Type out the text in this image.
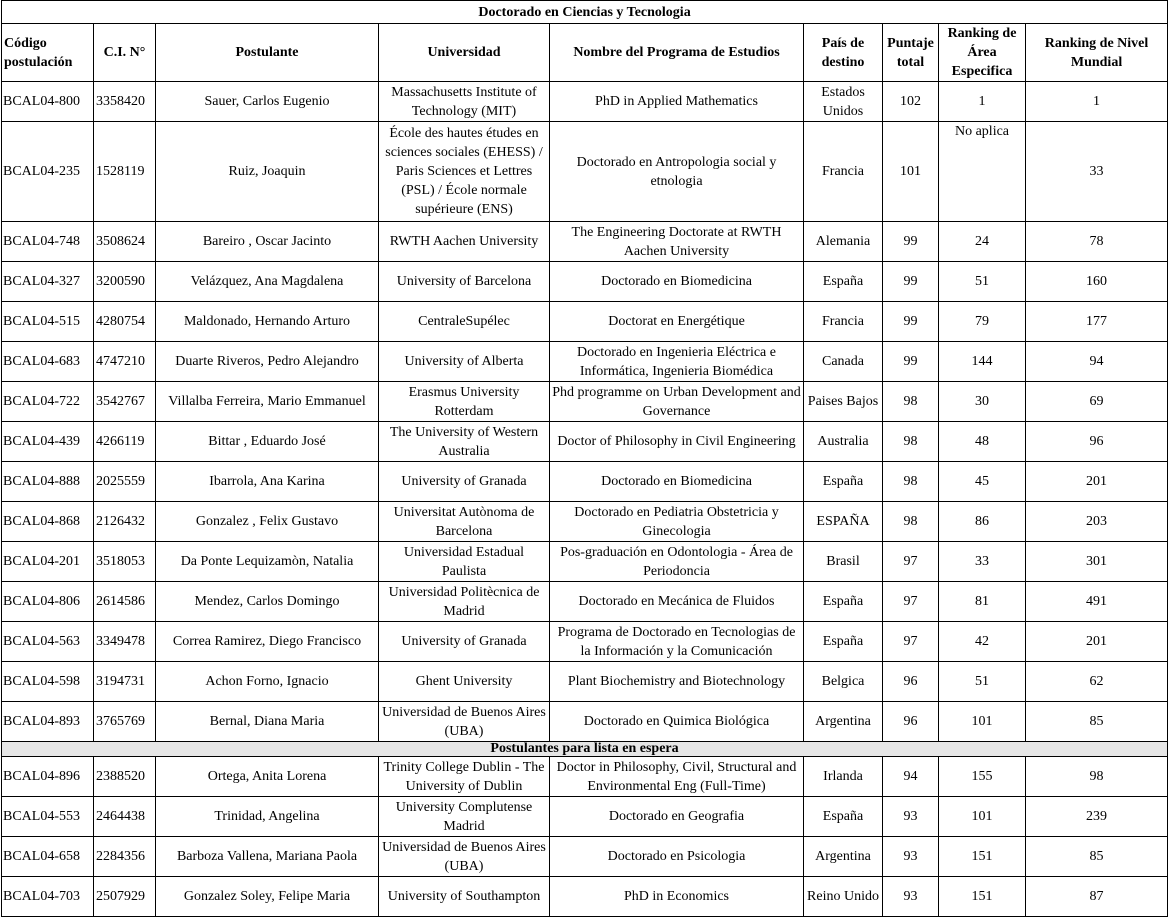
Doctorado en Ciencias y Tecnologia								
Código postulación	C.I. N°	Postulante	Universidad	Nombre del Programa de Estudios	País de destino	Puntaje total	Ranking de Área Especifica	Ranking de Nivel Mundial
BCAL04-800	3358420	Sauer, Carlos Eugenio	Massachusetts Institute of Technology (MIT)	PhD in Applied Mathematics	Estados Unidos	102	1	1
BCAL04-235	1528119	Ruiz, Joaquin	École des hautes études en sciences sociales (EHESS) / Paris Sciences et Lettres (PSL) / École normale supérieure (ENS)	Doctorado en Antropologia social y etnologia	Francia	101	No aplica	33
BCAL04-748	3508624	Bareiro , Oscar Jacinto	RWTH Aachen University	The Engineering Doctorate at RWTH Aachen University	Alemania	99	24	78
BCAL04-327	3200590	Velázquez, Ana Magdalena	University of Barcelona	Doctorado en Biomedicina	España	99	51	160
BCAL04-515	4280754	Maldonado, Hernando Arturo	CentraleSupélec	Doctorat en Energétique	Francia	99	79	177
BCAL04-683	4747210	Duarte Riveros, Pedro Alejandro	University of Alberta	Doctorado en Ingenieria Eléctrica e Informática, Ingenieria Biomédica	Canada	99	144	94
BCAL04-722	3542767	Villalba Ferreira, Mario Emmanuel	Erasmus University Rotterdam	Phd programme on Urban Development and Governance	Paises Bajos	98	30	69
BCAL04-439	4266119	Bittar , Eduardo José	The University of Western Australia	Doctor of Philosophy in Civil Engineering	Australia	98	48	96
BCAL04-888	2025559	Ibarrola, Ana Karina	University of Granada	Doctorado en Biomedicina	España	98	45	201
BCAL04-868	2126432	Gonzalez , Felix Gustavo	Universitat Autònoma de Barcelona	Doctorado en Pediatria Obstetricia y Ginecologia	ESPAÑA	98	86	203
BCAL04-201	3518053	Da Ponte Lequizamòn, Natalia	Universidad Estadual Paulista	Pos-graduación en Odontologia - Área de Periodoncia	Brasil	97	33	301
BCAL04-806	2614586	Mendez, Carlos Domingo	Universidad Politècnica de Madrid	Doctorado en Mecánica de Fluidos	España	97	81	491
BCAL04-563	3349478	Correa Ramirez, Diego Francisco	University of Granada	Programa de Doctorado en Tecnologias de la Información y la Comunicación	España	97	42	201
BCAL04-598	3194731	Achon Forno, Ignacio	Ghent University	Plant Biochemistry and Biotechnology	Belgica	96	51	62
BCAL04-893	3765769	Bernal, Diana Maria	Universidad de Buenos Aires (UBA)	Doctorado en Quimica Biológica	Argentina	96	101	85
Postulantes para lista en espera								
BCAL04-896	2388520	Ortega, Anita Lorena	Trinity College Dublin - The University of Dublin	Doctor in Philosophy, Civil, Structural and Environmental Eng (Full-Time)	Irlanda	94	155	98
BCAL04-553	2464438	Trinidad, Angelina	University Complutense Madrid	Doctorado en Geografia	España	93	101	239
BCAL04-658	2284356	Barboza Vallena, Mariana Paola	Universidad de Buenos Aires (UBA)	Doctorado en Psicologia	Argentina	93	151	85
BCAL04-703	2507929	Gonzalez Soley, Felipe Maria	University of Southampton	PhD in Economics	Reino Unido	93	151	87
